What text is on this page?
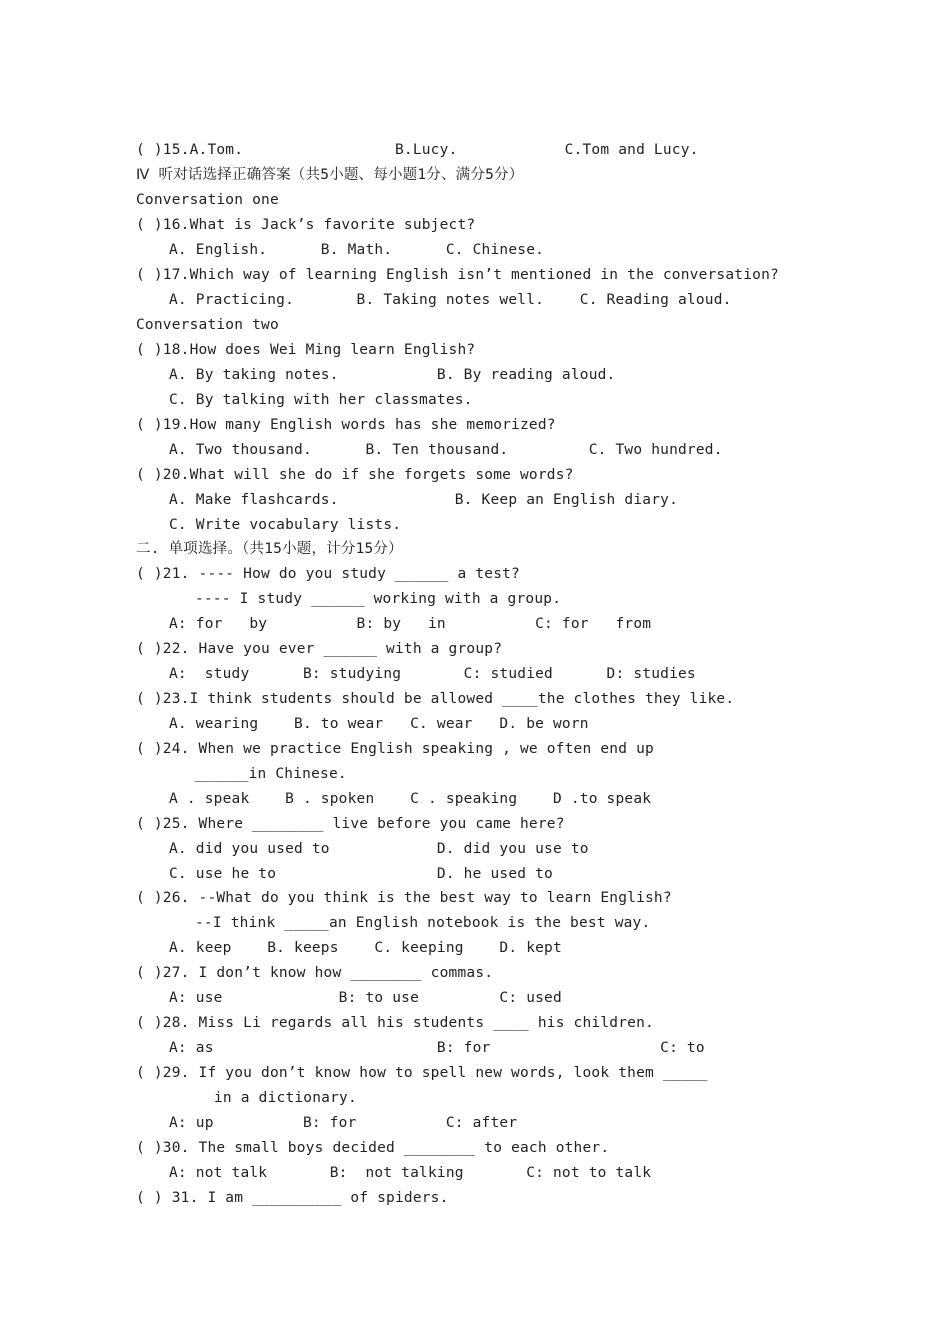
( )15.A.Tom.                 B.Lucy.            C.Tom and Lucy.
Ⅳ 听对话选择正确答案（共5小题、每小题1分、满分5分）
Conversation one
( )16.What is Jack’s favorite subject?
A. English.      B. Math.      C. Chinese.
( )17.Which way of learning English isn’t mentioned in the conversation?
A. Practicing.       B. Taking notes well.    C. Reading aloud.
Conversation two
( )18.How does Wei Ming learn English?
A. By taking notes.           B. By reading aloud.
C. By talking with her classmates.
( )19.How many English words has she memorized?
A. Two thousand.      B. Ten thousand.         C. Two hundred.
( )20.What will she do if she forgets some words?
A. Make flashcards.             B. Keep an English diary.
C. Write vocabulary lists.
二. 单项选择。（共15小题，计分15分）
( )21. ---- How do you study ______ a test?
---- I study ______ working with a group.
A: for   by          B: by   in          C: for   from
( )22. Have you ever ______ with a group?
A:  study      B: studying       C: studied      D: studies
( )23.I think students should be allowed ____the clothes they like.
A. wearing    B. to wear   C. wear   D. be worn
( )24. When we practice English speaking , we often end up
______in Chinese.
A . speak    B . spoken    C . speaking    D .to speak
( )25. Where ________ live before you came here?
A. did you used to            D. did you use to
C. use he to                  D. he used to
( )26. --What do you think is the best way to learn English?
--I think _____an English notebook is the best way.
A. keep    B. keeps    C. keeping    D. kept
( )27. I don’t know how ________ commas.
A: use             B: to use         C: used
( )28. Miss Li regards all his students ____ his children.
A: as                         B: for                   C: to
( )29. If you don’t know how to spell new words, look them _____
in a dictionary.
A: up          B: for          C: after
( )30. The small boys decided ________ to each other.
A: not talk       B:  not talking       C: not to talk
( ) 31. I am __________ of spiders.
